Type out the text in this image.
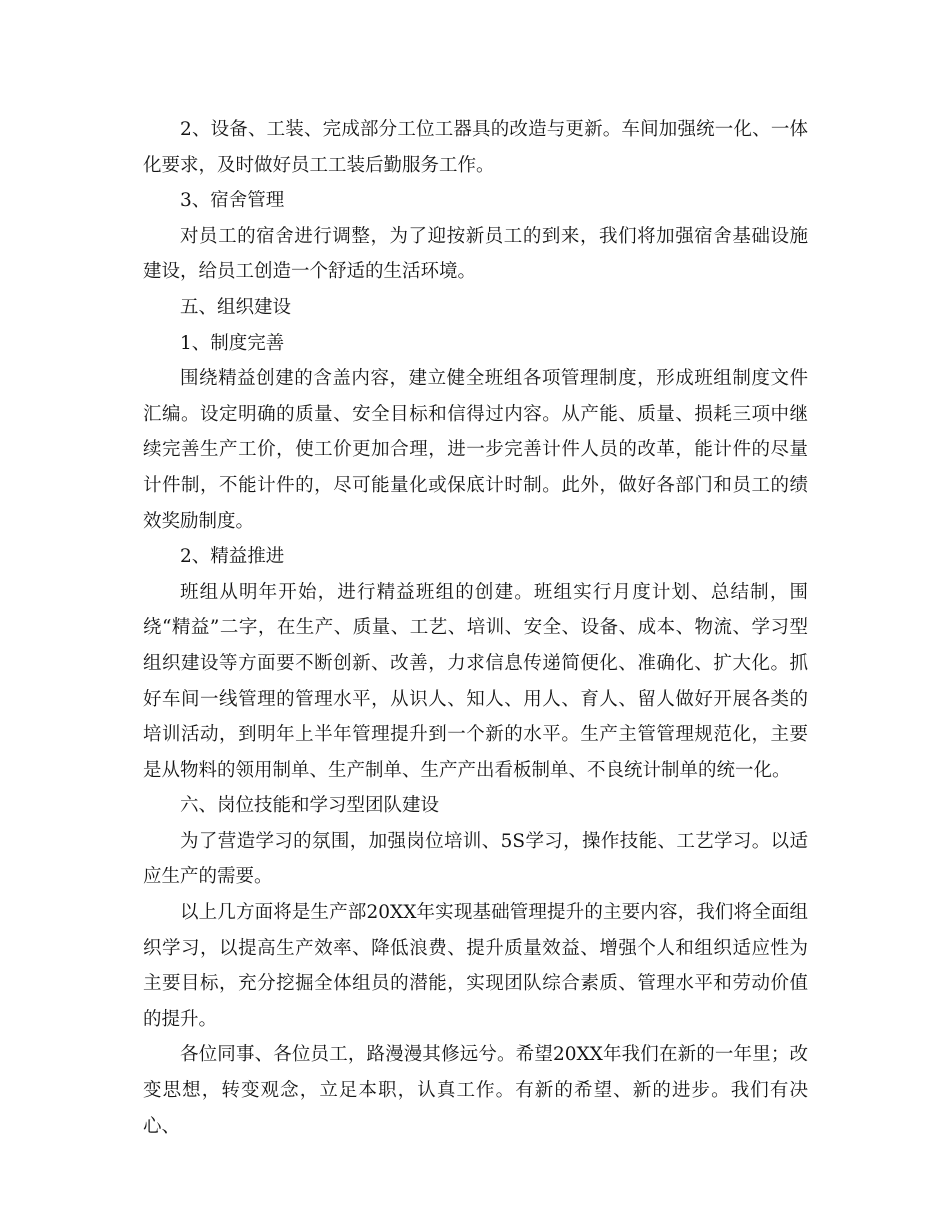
2、设备、工装、完成部分工位工器具的改造与更新。车间加强统一化、一体化要求，及时做好员工工装后勤服务工作。

3、宿舍管理

对员工的宿舍进行调整，为了迎按新员工的到来，我们将加强宿舍基础设施建设，给员工创造一个舒适的生活环境。

五、组织建设

1、制度完善

围绕精益创建的含盖内容，建立健全班组各项管理制度，形成班组制度文件汇编。设定明确的质量、安全目标和信得过内容。从产能、质量、损耗三项中继续完善生产工价，使工价更加合理，进一步完善计件人员的改革，能计件的尽量计件制，不能计件的，尽可能量化或保底计时制。此外，做好各部门和员工的绩效奖励制度。

2、精益推进

班组从明年开始，进行精益班组的创建。班组实行月度计划、总结制，围绕“精益”二字，在生产、质量、工艺、培训、安全、设备、成本、物流、学习型组织建设等方面要不断创新、改善，力求信息传递简便化、准确化、扩大化。抓好车间一线管理的管理水平，从识人、知人、用人、育人、留人做好开展各类的培训活动，到明年上半年管理提升到一个新的水平。生产主管管理规范化，主要是从物料的领用制单、生产制单、生产产出看板制单、不良统计制单的统一化。

六、岗位技能和学习型团队建设

为了营造学习的氛围，加强岗位培训、5S学习，操作技能、工艺学习。以适应生产的需要。

以上几方面将是生产部20XX年实现基础管理提升的主要内容，我们将全面组织学习，以提高生产效率、降低浪费、提升质量效益、增强个人和组织适应性为主要目标，充分挖掘全体组员的潜能，实现团队综合素质、管理水平和劳动价值的提升。

各位同事、各位员工，路漫漫其修远兮。希望20XX年我们在新的一年里；改变思想，转变观念，立足本职，认真工作。有新的希望、新的进步。我们有决心、
